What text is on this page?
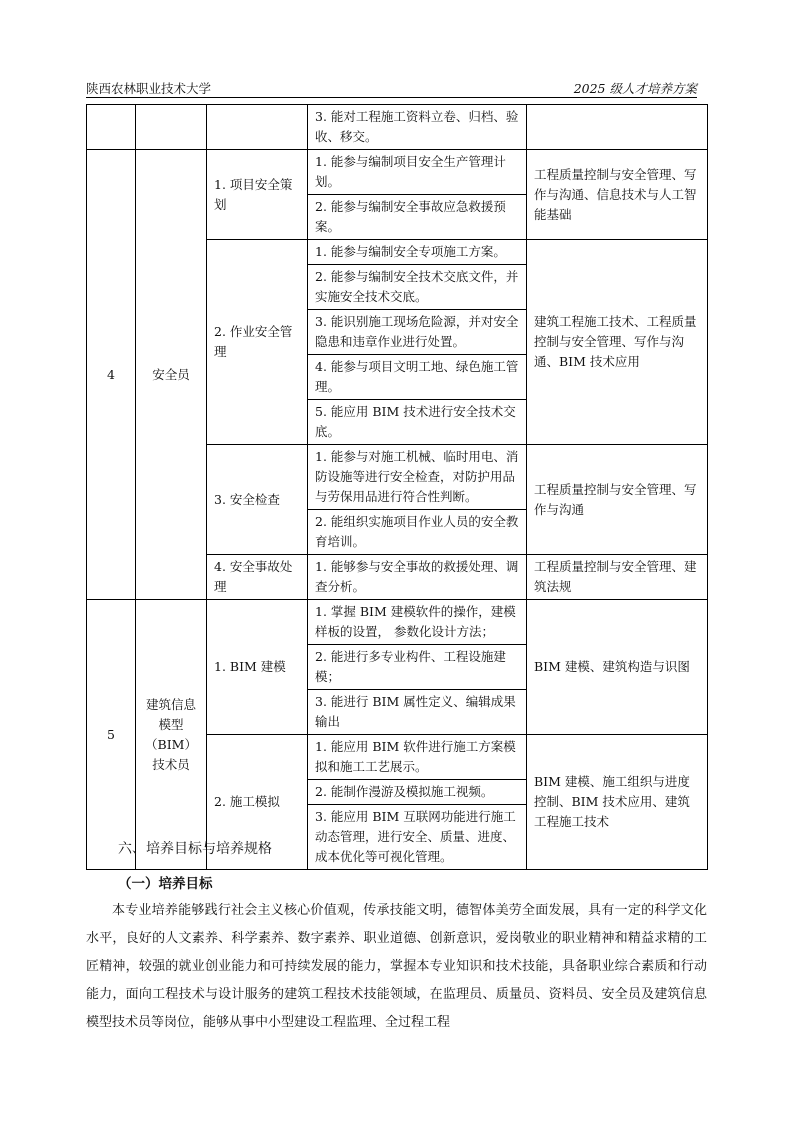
陕西农林职业技术大学	2025 级人才培养方案
			3. 能对工程施工资料立卷、归档、验收、移交。	
4	安全员	1. 项目安全策划	1. 能参与编制项目安全生产管理计划。	工程质量控制与安全管理、写作与沟通、信息技术与人工智能基础
			2. 能参与编制安全事故应急救援预案。	
		2. 作业安全管理	1. 能参与编制安全专项施工方案。	建筑工程施工技术、工程质量控制与安全管理、写作与沟通、BIM 技术应用
			2. 能参与编制安全技术交底文件，并实施安全技术交底。	
			3. 能识别施工现场危险源，并对安全隐患和违章作业进行处置。	
			4. 能参与项目文明工地、绿色施工管理。	
			5. 能应用 BIM 技术进行安全技术交底。	
		3. 安全检查	1. 能参与对施工机械、临时用电、消防设施等进行安全检查，对防护用品与劳保用品进行符合性判断。	工程质量控制与安全管理、写作与沟通
			2. 能组织实施项目作业人员的安全教育培训。	
		4. 安全事故处理	1. 能够参与安全事故的救援处理、调查分析。	工程质量控制与安全管理、建筑法规
5	建筑信息模型（BIM）技术员	1. BIM 建模	1. 掌握 BIM 建模软件的操作，建模样板的设置， 参数化设计方法；	BIM 建模、建筑构造与识图
			2. 能进行多专业构件、工程设施建模；	
			3. 能进行 BIM 属性定义、编辑成果输出	
		2. 施工模拟	1. 能应用 BIM 软件进行施工方案模拟和施工工艺展示。	BIM 建模、施工组织与进度控制、BIM 技术应用、建筑工程施工技术
			2. 能制作漫游及模拟施工视频。	
			3. 能应用 BIM 互联网功能进行施工动态管理，进行安全、质量、进度、成本优化等可视化管理。	
六、培养目标与培养规格
（一）培养目标

本专业培养能够践行社会主义核心价值观，传承技能文明，德智体美劳全面发展，具有一定的科学文化水平，良好的人文素养、科学素养、数字素养、职业道德、创新意识，爱岗敬业的职业精神和精益求精的工匠精神，较强的就业创业能力和可持续发展的能力，掌握本专业知识和技术技能，具备职业综合素质和行动能力，面向工程技术与设计服务的建筑工程技术技能领域，在监理员、质量员、资料员、安全员及建筑信息模型技术员等岗位，能够从事中小型建设工程监理、全过程工程
